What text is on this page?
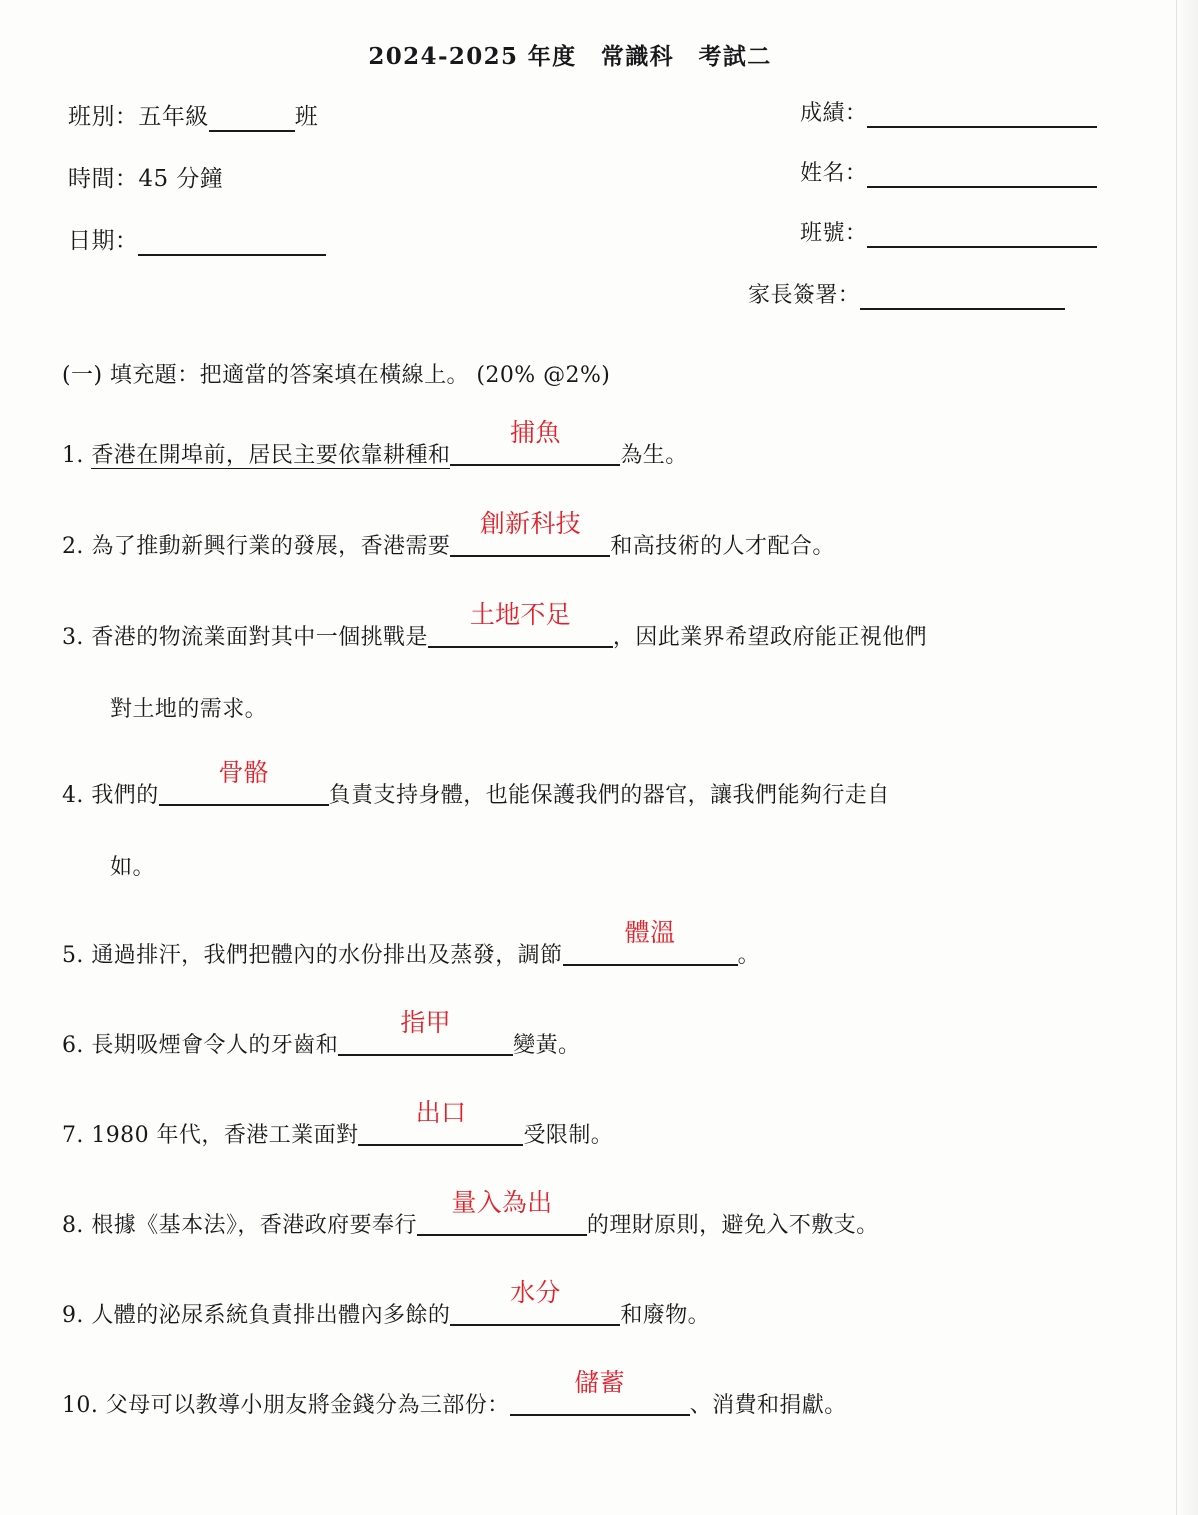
2024-2025 年度　常識科　考試二
班別：五年級	班
時間：45 分鐘
日期：
成績：
姓名：
班號：
家長簽署：
(一) 填充題：把適當的答案填在橫線上。 (20% @2%)
1. 香港在開埠前，居民主要依靠耕種和
捕魚
為生。
2. 為了推動新興行業的發展，香港需要
創新科技
和高技術的人才配合。
3. 香港的物流業面對其中一個挑戰是
土地不足
，因此業界希望政府能正視他們
對土地的需求。
4. 我們的
骨骼
負責支持身體，也能保護我們的器官，讓我們能夠行走自
如。
5. 通過排汗，我們把體內的水份排出及蒸發，調節
體溫
。
6. 長期吸煙會令人的牙齒和
指甲
變黃。
7. 1980 年代，香港工業面對
出口
受限制。
8. 根據《基本法》，香港政府要奉行
量入為出
的理財原則，避免入不敷支。
9. 人體的泌尿系統負責排出體內多餘的
水分
和廢物。
10. 父母可以教導小朋友將金錢分為三部份：
儲蓄
、消費和捐獻。
